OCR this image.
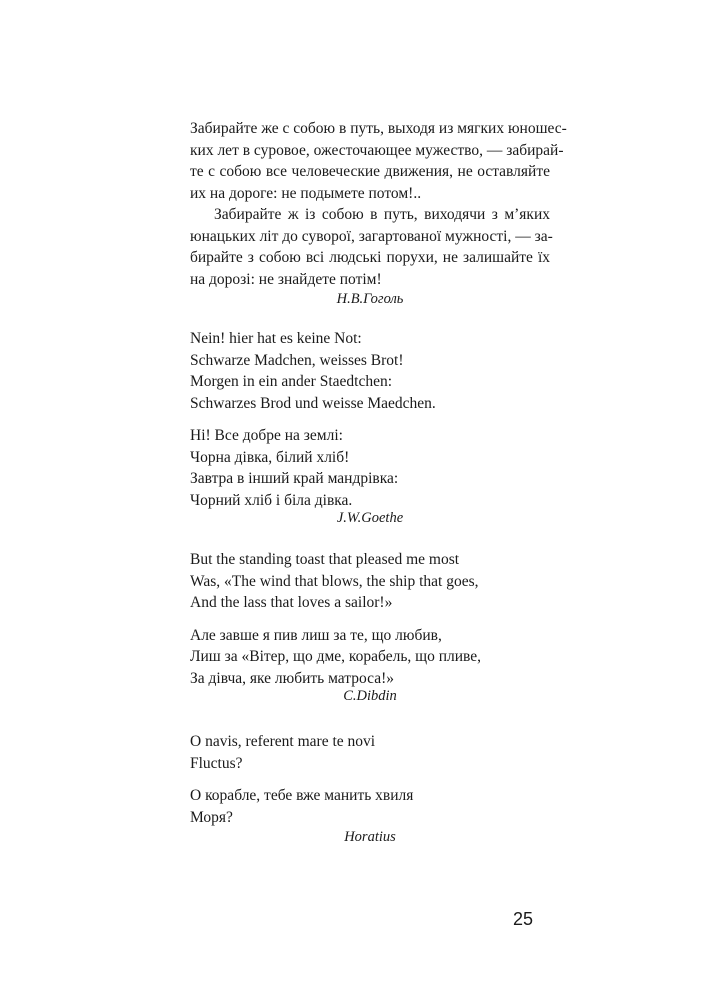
Забирайте же с собою в путь, выходя из мягких юношес-
ких лет в суровое, ожесточающее мужество, — забирай-
те с собою все человеческие движения, не оставляйте
их на дороге: не подымете потом!..
Забирайте ж із собою в путь, виходячи з м’яких
юнацьких літ до суворої, загартованої мужності, — за-
бирайте з собою всі людські порухи, не залишайте їх
на дорозі: не знайдете потім!
Н.В.Гоголь
Nein! hier hat es keine Not:
Schwarze Madchen, weisses Brot!
Morgen in ein ander Staedtchen:
Schwarzes Brod und weisse Maedchen.
Ні! Все добре на землі:
Чорна дівка, білий хліб!
Завтра в інший край мандрівка:
Чорний хліб і біла дівка.
J.W.Goethe
But the standing toast that pleased me most
Was, «The wind that blows, the ship that goes,
And the lass that loves a sailor!»
Але завше я пив лиш за те, що любив,
Лиш за «Вітер, що дме, корабель, що пливе,
За дівча, яке любить матроса!»
C.Dibdin
O navis, referent mare te novi
Fluctus?
О корабле, тебе вже манить хвиля
Моря?
Horatius
25
